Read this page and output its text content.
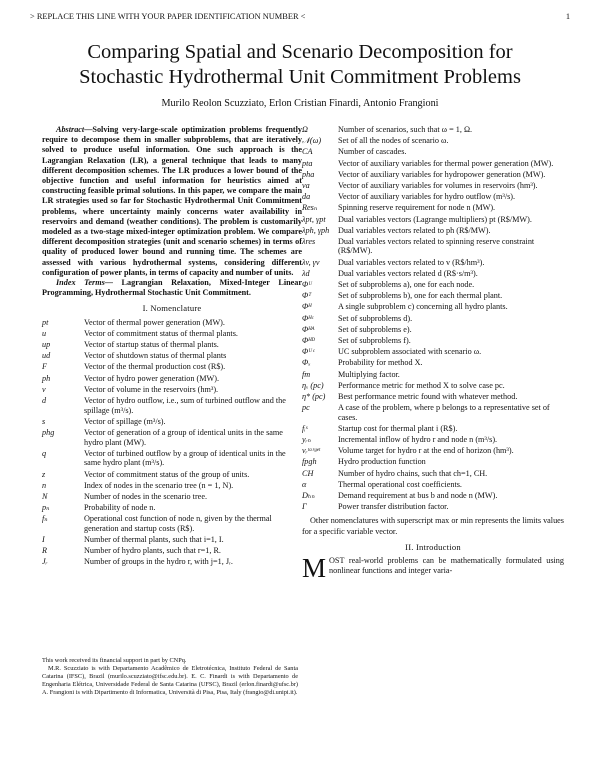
> REPLACE THIS LINE WITH YOUR PAPER IDENTIFICATION NUMBER <	1
Comparing Spatial and Scenario Decomposition for
Stochastic Hydrothermal Unit Commitment Problems
Murilo Reolon Scuzziato, Erlon Cristian Finardi, Antonio Frangioni
Abstract—Solving very-large-scale optimization problems frequently require to decompose them in smaller subproblems, that are iteratively solved to produce useful information. One such approach is the Lagrangian Relaxation (LR), a general technique that leads to many different decomposition schemes. The LR produces a lower bound of the objective function and useful information for heuristics aimed at constructing feasible primal solutions. In this paper, we compare the main LR strategies used so far for Stochastic Hydrothermal Unit Commitment problems, where uncertainty mainly concerns water availability in reservoirs and demand (weather conditions). The problem is customarily modeled as a two-stage mixed-integer optimization problem. We compare different decomposition strategies (unit and scenario schemes) in terms of quality of produced lower bound and running time. The schemes are assessed with various hydrothermal systems, considering different configuration of power plants, in terms of capacity and number of units.
Index Terms— Lagrangian Relaxation, Mixed-Integer Linear Programming, Hydrothermal Stochastic Unit Commitment.
I. Nomenclature
pt	Vector of thermal power generation (MW).
u	Vector of commitment status of thermal plants.
up	Vector of startup status of thermal plants.
ud	Vector of shutdown status of thermal plants
F	Vector of the thermal production cost (R$).
ph	Vector of hydro power generation (MW).
v	Vector of volume in the reservoirs (hm³).
d	Vector of hydro outflow, i.e., sum of turbined outflow and the spillage (m³/s).
s	Vector of spillage (m³/s).
phg	Vector of generation of a group of identical units in the same hydro plant (MW).
q	Vector of turbined outflow by a group of identical units in the same hydro plant (m³/s).
z	Vector of commitment status of the group of units.
n	Index of nodes in the scenario tree (n = 1, N).
N	Number of nodes in the scenario tree.
pₙ	Probability of node n.
fₙ	Operational cost function of node n, given by the thermal generation and startup costs (R$).
I	Number of thermal plants, such that i=1, I.
R	Number of hydro plants, such that r=1, R.
Jᵣ	Number of groups in the hydro r, with j=1, Jᵣ.

This work received its financial support in part by CNPq.

M.R. Scuzziato is with Departamento Acadêmico de Eletrotécnica, Instituto Federal de Santa Catarina (IFSC), Brazil (murilo.scuzziato@ifsc.edu.br). E. C. Finardi is with Departamento de Engenharia Elétrica, Universidade Federal de Santa Catarina (UFSC), Brazil (erlon.finardi@ufsc.br) A. Frangioni is with Dipartimento di Informatica, Università di Pisa, Pisa, Italy (frangio@di.unipi.it).

Ω	Number of scenarios, such that ω = 1, Ω.
𝒩(ω)	Set of all the nodes of scenario ω.
CA	Number of cascades.
pta	Vector of auxiliary variables for thermal power generation (MW).
pha	Vector of auxiliary variables for hydropower generation (MW).
va	Vector of auxiliary variables for volumes in reservoirs (hm³).
da	Vector of auxiliary variables for hydro outflow (m³/s).
Resₙ	Spinning reserve requirement for node n (MW).
λpt, γpt	Dual variables vectors (Lagrange multipliers) pt (R$/MW).
λph, γph	Dual variables vectors related to ph (R$/MW).
λres	Dual variables vectors related to spinning reserve constraint (R$/MW).
λv, γv	Dual variables vectors related to v (R$/hm³).
λd	Dual variables vectors related d (R$·s/m³).
Φᵁ	Set of subproblems a), one for each node.
Φᵀ	Set of subproblems b), one for each thermal plant.
Φᴴ	A single subproblem c) concerning all hydro plants.
Φᴴᶜ	Set of subproblems d).
Φᴴᴬ	Set of subproblems e).
Φᴴᴰ	Set of subproblems f).
Φᵁᶜ	UC subproblem associated with scenario ω.
Φₓ	Probability for method X.
fm	Multiplying factor.
ηₓ (pc)	Performance metric for method X to solve case pc.
η* (pc)	Best performance metric found with whatever method.
pc	A case of the problem, where p belongs to a representative set of cases.
fᵢˢ	Startup cost for thermal plant i (R$).
yᵣₙ	Incremental inflow of hydro r and node n (m³/s).
vᵣᵗᵃʳᵍᵉᵗ	Volume target for hydro r at the end of horizon (hm³).
fpgh	Hydro production function
CH	Number of hydro chains, such that ch=1, CH.
α	Thermal operational cost coefficients.
Dₕₙ	Demand requirement at bus b and node n (MW).
Γ	Power transfer distribution factor.
Other nomenclatures with superscript max or min represents the limits values for a specific variable vector.
II. Introduction
MOST real-world problems can be mathematically formulated using nonlinear functions and integer varia-
